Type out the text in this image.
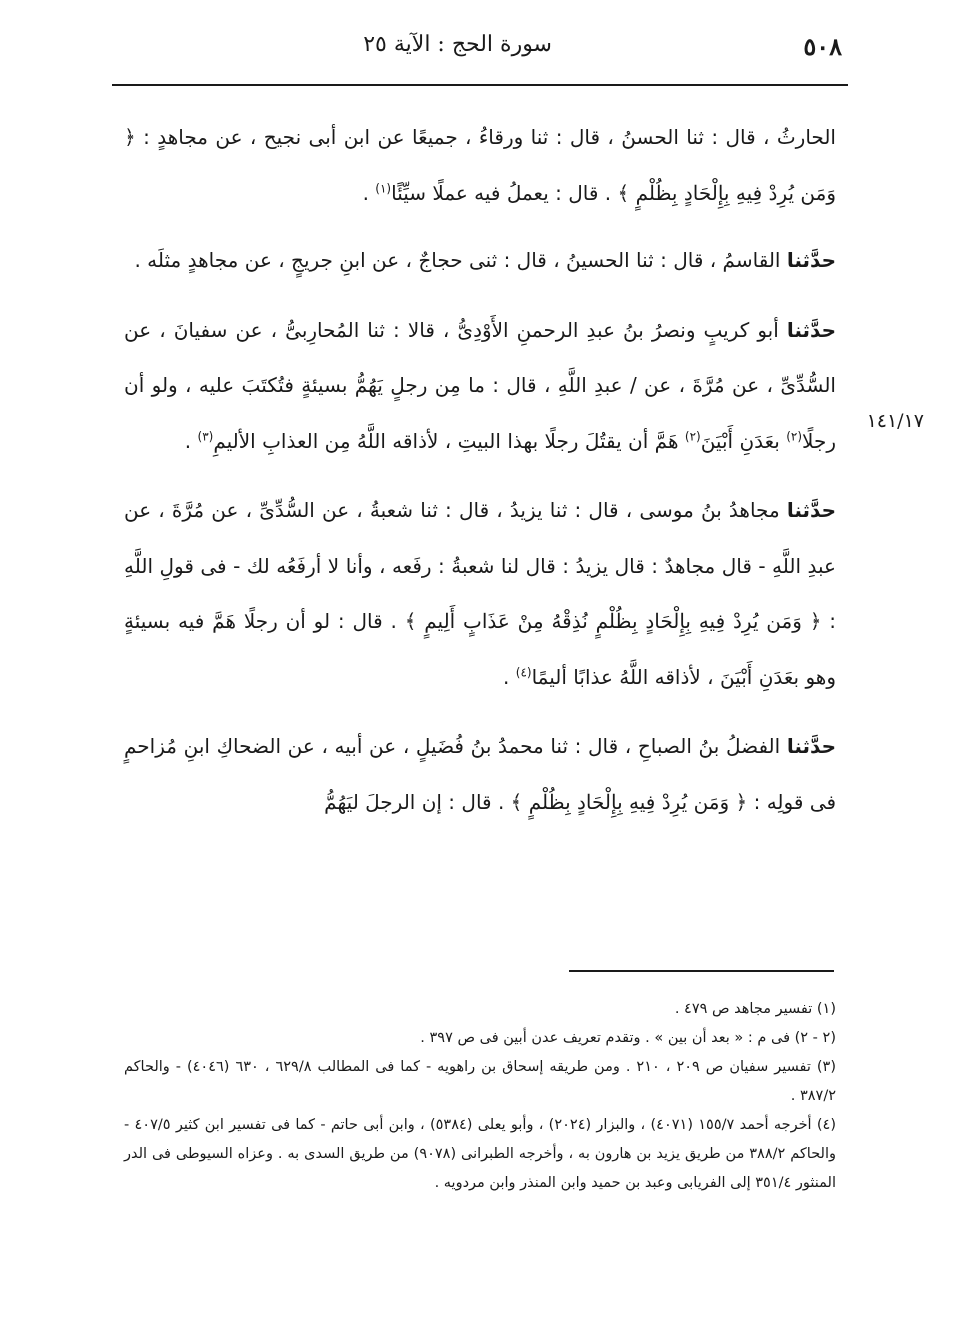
٥٠٨
سورة الحج : الآية ٢٥
١٤١/١٧

الحارثُ ، قال : ثنا الحسنُ ، قال : ثنا ورقاءُ ، جميعًا عن ابن أبى نجيح ، عن مجاهدٍ : ﴿ وَمَن يُرِدْ فِيهِ بِإِلْحَادٍ بِظُلْمٍ ﴾ . قال : يعملُ فيه عملًا سيِّئًا$^{(١)}$ .

حدَّثنا القاسمُ ، قال : ثنا الحسينُ ، قال : ثنى حجاجٌ ، عن ابنِ جريجٍ ، عن مجاهدٍ مثلَه .

حدَّثنا أبو كريبٍ ونصرُ بنُ عبدِ الرحمنِ الأَوْدِىُّ ، قالا : ثنا المُحارِبىُّ ، عن سفيانَ ، عن السُّدِّىِّ ، عن مُرَّةَ ، عن / عبدِ اللَّهِ ، قال : ما مِن رجلٍ يَهُمُّ بسيئةٍ فتُكتَبَ عليه ، ولو أن رجلًا$^{(٢)}$ بعَدَنِ أَبْيَنَ$^{(٢)}$ هَمَّ أن يقتُلَ رجلًا بهذا البيتِ ، لأذاقه اللَّهُ مِن العذابِ الأليمِ$^{(٣)}$ .

حدَّثنا مجاهدُ بنُ موسى ، قال : ثنا يزيدُ ، قال : ثنا شعبةُ ، عن السُّدِّىِّ ، عن مُرَّةَ ، عن عبدِ اللَّهِ - قال مجاهدٌ : قال يزيدُ : قال لنا شعبةُ : رفَعه ، وأنا لا أرفَعُه لك - فى قولِ اللَّهِ : ﴿ وَمَن يُرِدْ فِيهِ بِإِلْحَادٍ بِظُلْمٍ نُذِقْهُ مِنْ عَذَابٍ أَلِيمٍ ﴾ . قال : لو أن رجلًا هَمَّ فيه بسيئةٍ وهو بعَدَنِ أَبْيَنَ ، لأذاقه اللَّهُ عذابًا أليمًا$^{(٤)}$ .

حدَّثنا الفضلُ بنُ الصباحِ ، قال : ثنا محمدُ بنُ فُضَيلٍ ، عن أبيه ، عن الضحاكِ ابنِ مُزاحمٍ فى قولِه : ﴿ وَمَن يُرِدْ فِيهِ بِإِلْحَادٍ بِظُلْمٍ ﴾ . قال : إن الرجلَ ليَهُمُّ

(١) تفسير مجاهد ص ٤٧٩ .

(٢ - ٢) فى م : « بعد أن بين » . وتقدم تعريف عدن أبين فى ص ٣٩٧ .

(٣) تفسير سفيان ص ٢٠٩ ، ٢١٠ . ومن طريقه إسحاق بن راهويه - كما فى المطالب ٦٢٩/٨ ، ٦٣٠ (٤٠٤٦) - والحاكم ٣٨٧/٢ .

(٤) أخرجه أحمد ١٥٥/٧ (٤٠٧١) ، والبزار (٢٠٢٤) ، وأبو يعلى (٥٣٨٤) ، وابن أبى حاتم - كما فى تفسير ابن كثير ٤٠٧/٥ - والحاكم ٣٨٨/٢ من طريق يزيد بن هارون به ، وأخرجه الطبرانى (٩٠٧٨) من طريق السدى به . وعزاه السيوطى فى الدر المنثور ٣٥١/٤ إلى الفريابى وعبد بن حميد وابن المنذر وابن مردويه .
